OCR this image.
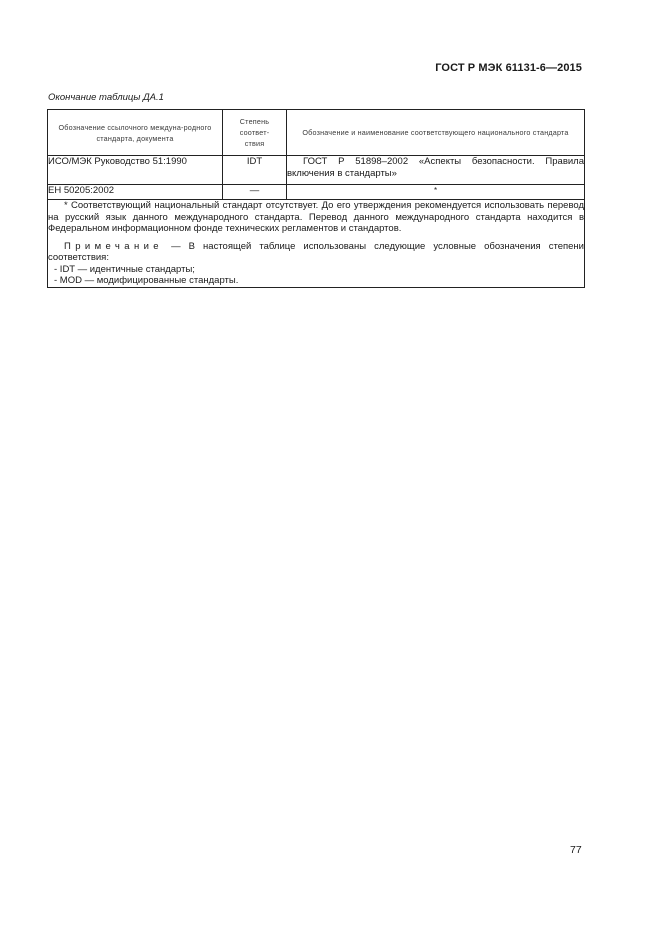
ГОСТ Р МЭК 61131-6—2015
Окончание таблицы ДА.1
Обозначение ссылочного междуна-родного стандарта, документа	Степень соответ-ствия	Обозначение и наименование соответствующего национального стандарта

ИСО/МЭК Руководство 51:1990	IDT	ГОСТ Р 51898–2002 «Аспекты безопасности. Правила включения в стандарты»
ЕН 50205:2002	—	*

* Соответствующий национальный стандарт отсутствует. До его утверждения рекомендуется использовать перевод на русский язык данного международного стандарта. Перевод данного международного стандарта находится в Федеральном информационном фонде технических регламентов и стандартов.

Примечание — В настоящей таблице использованы следующие условные обозначения степени соответствия:

- IDT — идентичные стандарты;

- MOD — модифицированные стандарты.		

77
